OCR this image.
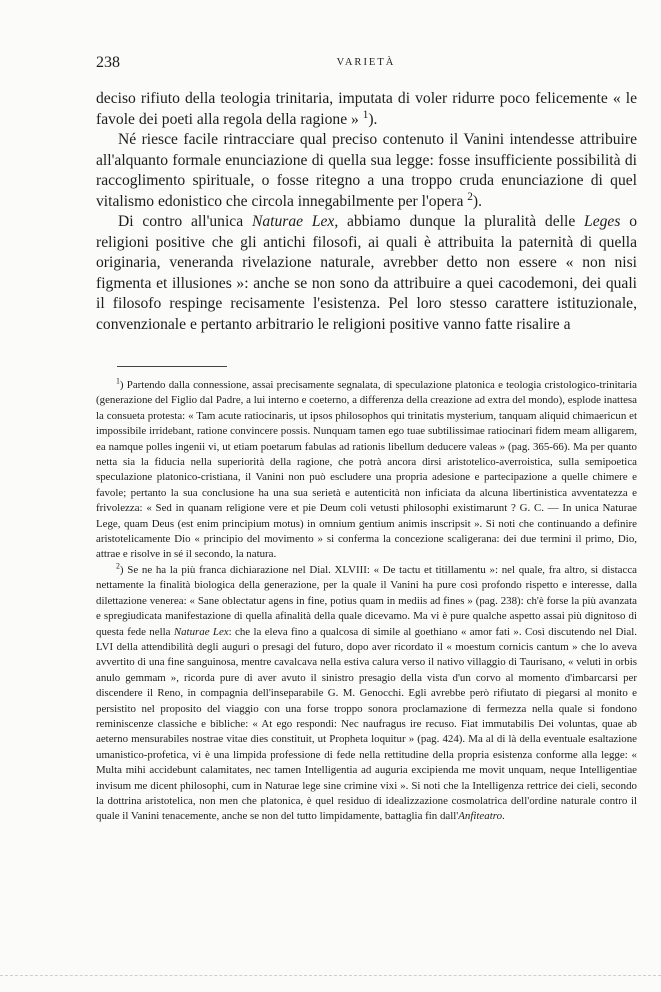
238	VARIETÀ

deciso rifiuto della teologia trinitaria, imputata di voler ridurre poco felicemente « le favole dei poeti alla regola della ragione » $^1$).

Né riesce facile rintracciare qual preciso contenuto il Vanini intendesse attribuire all'alquanto formale enunciazione di quella sua legge: fosse insufficiente possibilità di raccoglimento spirituale, o fosse ritegno a una troppo cruda enunciazione di quel vitalismo edonistico che circola innegabilmente per l'opera $^2$).

Di contro all'unica Naturae Lex, abbiamo dunque la pluralità delle Leges o religioni positive che gli antichi filosofi, ai quali è attribuita la paternità di quella originaria, veneranda rivelazione naturale, avrebber detto non essere « non nisi figmenta et illusiones »: anche se non sono da attribuire a quei cacodemoni, dei quali il filosofo respinge recisamente l'esistenza. Pel loro stesso carattere istituzionale, convenzionale e pertanto arbitrario le religioni positive vanno fatte risalire a

$^1$) Partendo dalla connessione, assai precisamente segnalata, di speculazione platonica e teologia cristologico-trinitaria (generazione del Figlio dal Padre, a lui interno e coeterno, a differenza della creazione ad extra del mondo), esplode inattesa la consueta protesta: « Tam acute ratiocinaris, ut ipsos philosophos qui trinitatis mysterium, tanquam aliquid chimaericun et impossibile irridebant, ratione convincere possis. Nunquam tamen ego tuae subtilissimae ratiocinari fidem meam alligarem, ea namque polles ingenii vi, ut etiam poetarum fabulas ad rationis libellum deducere valeas » (pag. 365-66). Ma per quanto netta sia la fiducia nella superiorità della ragione, che potrà ancora dirsi aristotelico-averroistica, sulla semipoetica speculazione platonico-cristiana, il Vanini non può escludere una propria adesione e partecipazione a quelle chimere e favole; pertanto la sua conclusione ha una sua serietà e autenticità non inficiata da alcuna libertinistica avventatezza e frivolezza: « Sed in quanam religione vere et pie Deum coli vetusti philosophi existimarunt ? G. C. — In unica Naturae Lege, quam Deus (est enim principium motus) in omnium gentium animis inscripsit ». Si noti che continuando a definire aristotelicamente Dio « principio del movimento » si conferma la concezione scaligerana: dei due termini il primo, Dio, attrae e risolve in sé il secondo, la natura.

$^2$) Se ne ha la più franca dichiarazione nel Dial. XLVIII: « De tactu et titillamentu »: nel quale, fra altro, si distacca nettamente la finalità biologica della generazione, per la quale il Vanini ha pure così profondo rispetto e interesse, dalla dilettazione venerea: « Sane oblectatur agens in fine, potius quam in mediis ad fines » (pag. 238): ch'è forse la più avanzata e spregiudicata manifestazione di quella afinalità della quale dicevamo. Ma vi è pure qualche aspetto assai più dignitoso di questa fede nella Naturae Lex: che la eleva fino a qualcosa di simile al goethiano « amor fati ». Così discutendo nel Dial. LVI della attendibilità degli auguri o presagi del futuro, dopo aver ricordato il « moestum cornicis cantum » che lo aveva avvertito di una fine sanguinosa, mentre cavalcava nella estiva calura verso il nativo villaggio di Taurisano, « veluti in orbis anulo gemmam », ricorda pure di aver avuto il sinistro presagio della vista d'un corvo al momento d'imbarcarsi per discendere il Reno, in compagnia dell'inseparabile G. M. Genocchi. Egli avrebbe però rifiutato di piegarsi al monito e persistito nel proposito del viaggio con una forse troppo sonora proclamazione di fermezza nella quale si fondono reminiscenze classiche e bibliche: « At ego respondi: Nec naufragus ire recuso. Fiat immutabilis Dei voluntas, quae ab aeterno mensurabiles nostrae vitae dies constituit, ut Propheta loquitur » (pag. 424). Ma al di là della eventuale esaltazione umanistico-profetica, vi è una limpida professione di fede nella rettitudine della propria esistenza conforme alla legge: « Multa mihi accidebunt calamitates, nec tamen Intelligentia ad auguria excipienda me movit unquam, neque Intelligentiae invisum me dicent philosophi, cum in Naturae lege sine crimine vixi ». Si noti che la Intelligenza rettrice dei cieli, secondo la dottrina aristotelica, non men che platonica, è quel residuo di idealizzazione cosmolatrica dell'ordine naturale contro il quale il Vanini tenacemente, anche se non del tutto limpidamente, battaglia fin dall'Anfiteatro.
